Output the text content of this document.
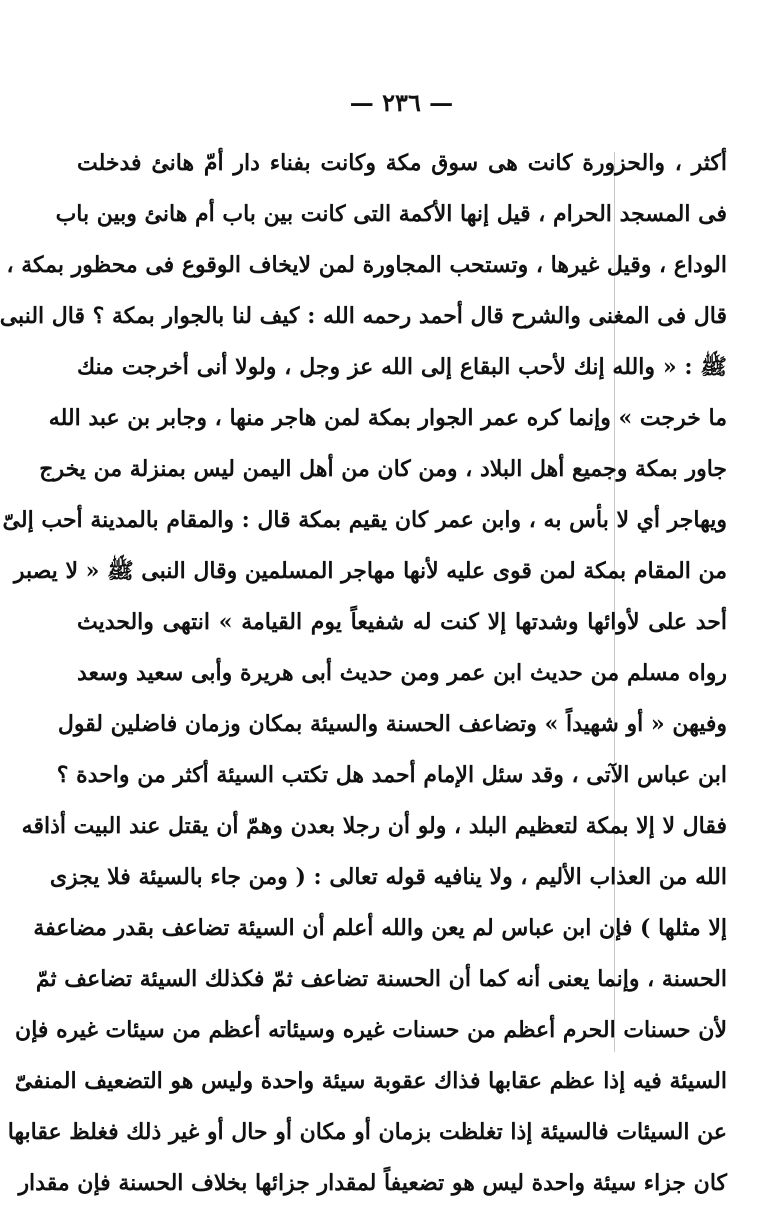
— ٢٣٦ —
أكثر ، والحزورة كانت هى سوق مكة وكانت بفناء دار أمّ هانئ فدخلت
فى المسجد الحرام ، قيل إنها الأكمة التى كانت بين باب أم هانئ وبين باب
الوداع ، وقيل غيرها ، وتستحب المجاورة لمن لايخاف الوقوع فى محظور بمكة ،
قال فى المغنى والشرح قال أحمد رحمه الله : كيف لنا بالجوار بمكة ؟ قال النبى
ﷺ : « والله إنك لأحب البقاع إلى الله عز وجل ، ولولا أنى أخرجت منك
ما خرجت » وإنما كره عمر الجوار بمكة لمن هاجر منها ، وجابر بن عبد الله
جاور بمكة وجميع أهل البلاد ، ومن كان من أهل اليمن ليس بمنزلة من يخرج
ويهاجر أي لا بأس به ، وابن عمر كان يقيم بمكة قال : والمقام بالمدينة أحب إلىّ
من المقام بمكة لمن قوى عليه لأنها مهاجر المسلمين وقال النبى ﷺ « لا يصبر
أحد على لأوائها وشدتها إلا كنت له شفيعاً يوم القيامة » انتهى والحديث
رواه مسلم من حديث ابن عمر ومن حديث أبى هريرة وأبى سعيد وسعد
وفيهن « أو شهيداً » وتضاعف الحسنة والسيئة بمكان وزمان فاضلين لقول
ابن عباس الآتى ، وقد سئل الإمام أحمد هل تكتب السيئة أكثر من واحدة ؟
فقال لا إلا بمكة لتعظيم البلد ، ولو أن رجلا بعدن وهمّ أن يقتل عند البيت أذاقه
الله من العذاب الأليم ، ولا ينافيه قوله تعالى : ( ومن جاء بالسيئة فلا يجزى
إلا مثلها ) فإن ابن عباس لم يعن والله أعلم أن السيئة تضاعف بقدر مضاعفة
الحسنة ، وإنما يعنى أنه كما أن الحسنة تضاعف ثمّ فكذلك السيئة تضاعف ثمّ
لأن حسنات الحرم أعظم من حسنات غيره وسيئاته أعظم من سيئات غيره فإن
السيئة فيه إذا عظم عقابها فذاك عقوبة سيئة واحدة وليس هو التضعيف المنفىّ
عن السيئات فالسيئة إذا تغلظت بزمان أو مكان أو حال أو غير ذلك فغلظ عقابها
كان جزاء سيئة واحدة ليس هو تضعيفاً لمقدار جزائها بخلاف الحسنة فإن مقدار
